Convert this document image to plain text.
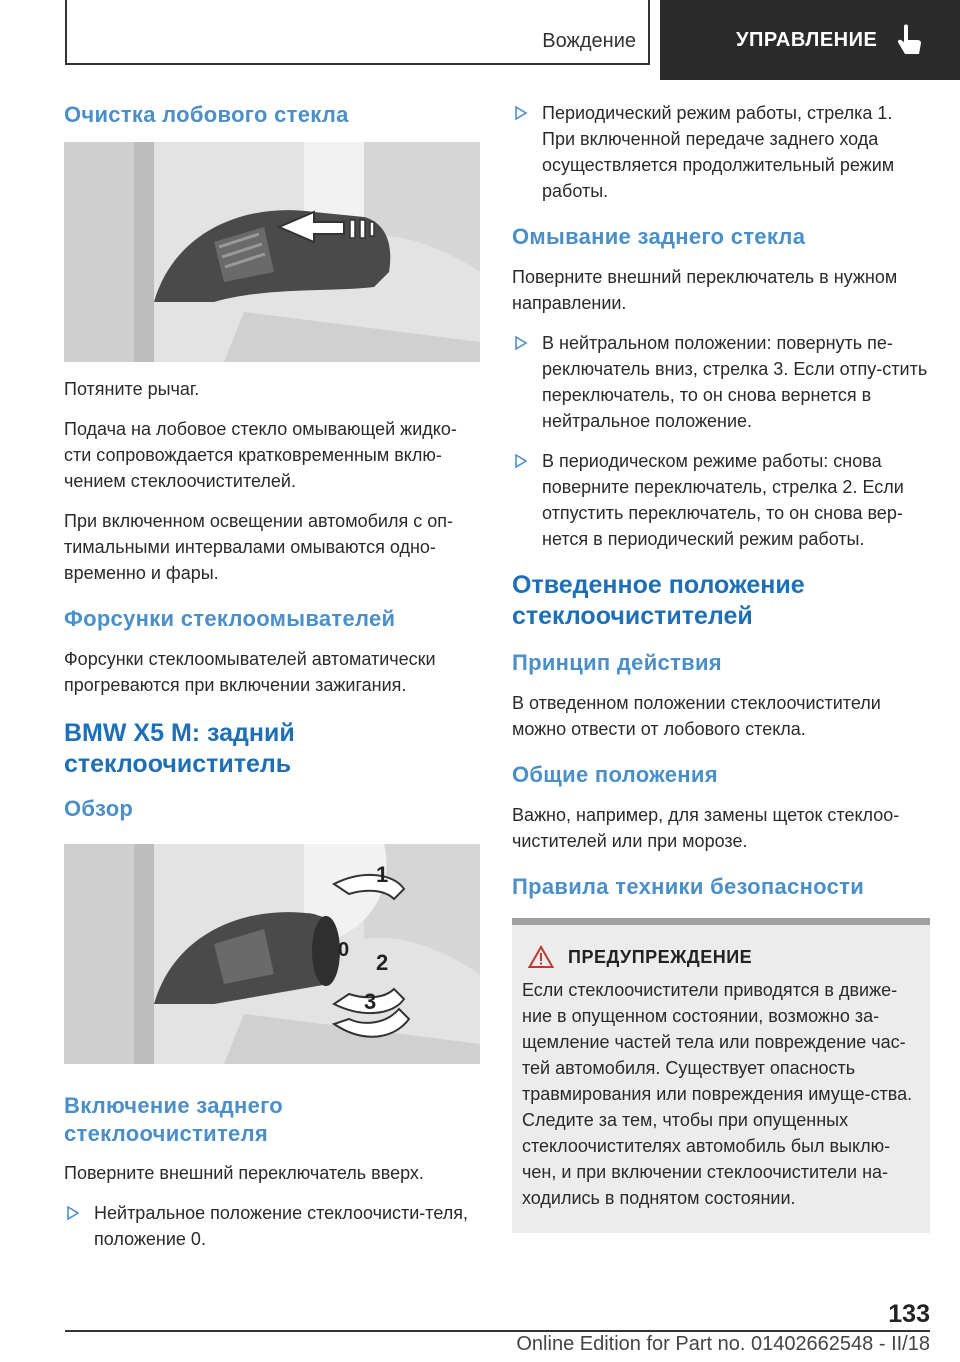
Вождение	УПРАВЛЕНИЕ
Очистка лобового стекла

Потяните рычаг.

Подача на лобовое стекло омывающей жидко-сти сопровождается кратковременным вклю-чением стеклоочистителей.

При включенном освещении автомобиля с оп-тимальными интервалами омываются одно-временно и фары.

Форсунки стеклоомывателей

Форсунки стеклоомывателей автоматически прогреваются при включении зажигания.

BMW X5 M: задний стеклоочиститель
Обзор
1
0 2
3
Включение заднего стеклоочистителя

Поверните внешний переключатель вверх.

Нейтральное положение стеклоочисти-теля, положение 0.
Периодический режим работы, стрелка 1. При включенной передаче заднего хода осуществляется продолжительный режим работы.
Омывание заднего стекла

Поверните внешний переключатель в нужном направлении.

В нейтральном положении: повернуть пе-реключатель вниз, стрелка 3. Если отпу-стить переключатель, то он снова вернется в нейтральное положение.
В периодическом режиме работы: снова поверните переключатель, стрелка 2. Если отпустить переключатель, то он снова вер-нется в периодический режим работы.
Отведенное положение стеклоочистителей
Принцип действия

В отведенном положении стеклоочистители можно отвести от лобового стекла.

Общие положения

Важно, например, для замены щеток стеклоо-чистителей или при морозе.

Правила техники безопасности
ПРЕДУПРЕЖДЕНИЕ

Если стеклоочистители приводятся в движе-ние в опущенном состоянии, возможно за-щемление частей тела или повреждение час-тей автомобиля. Существует опасность травмирования или повреждения имуще-ства. Следите за тем, чтобы при опущенных стеклоочистителях автомобиль был выклю-чен, и при включении стеклоочистители на-ходились в поднятом состоянии.

133
Online Edition for Part no. 01402662548 - II/18
